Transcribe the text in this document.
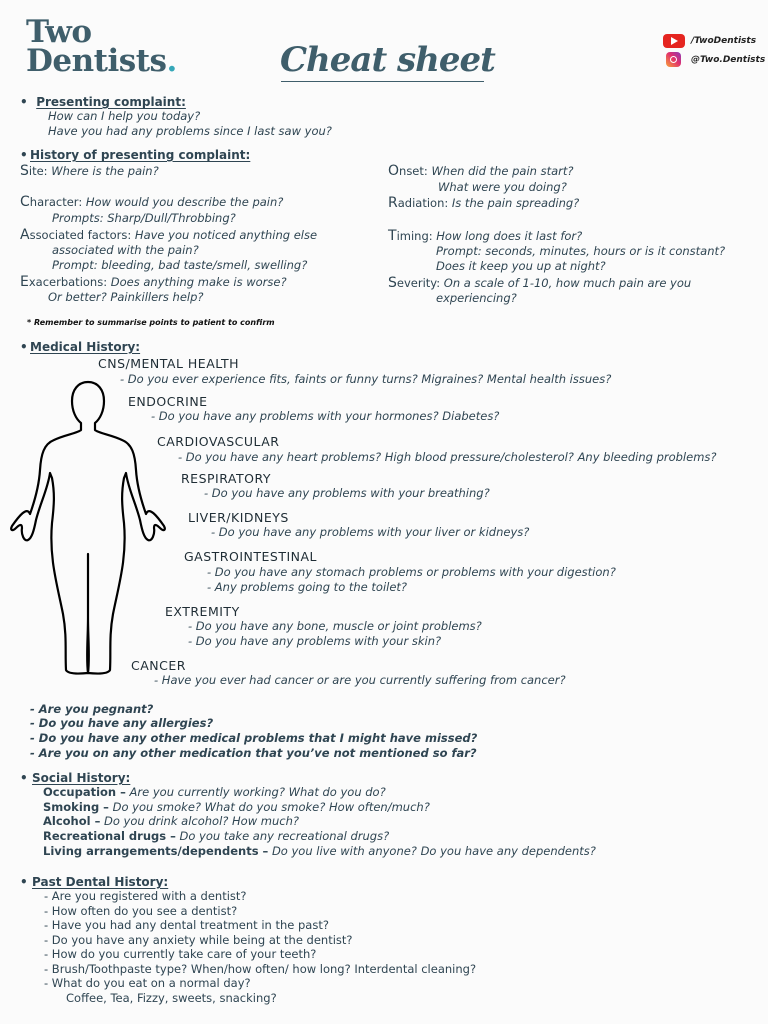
Two
Dentists.	Cheat sheet	/TwoDentists
@Two.Dentists
• Presenting complaint:
How can I help you today?
Have you had any problems since I last saw you?
• History of presenting complaint:
Site: Where is the pain?
Character: How would you describe the pain?
Prompts: Sharp/Dull/Throbbing?
Associated factors: Have you noticed anything else
associated with the pain?
Prompt: bleeding, bad taste/smell, swelling?
Exacerbations: Does anything make is worse?
Or better? Painkillers help?
Onset: When did the pain start?
What were you doing?
Radiation: Is the pain spreading?
Timing: How long does it last for?
Prompt: seconds, minutes, hours or is it constant?
Does it keep you up at night?
Severity: On a scale of 1-10, how much pain are you
experiencing?
* Remember to summarise points to patient to confirm
• Medical History:
CNS/MENTAL HEALTH
- Do you ever experience fits, faints or funny turns? Migraines? Mental health issues?
ENDOCRINE
- Do you have any problems with your hormones? Diabetes?
CARDIOVASCULAR
- Do you have any heart problems? High blood pressure/cholesterol? Any bleeding problems?
RESPIRATORY
- Do you have any problems with your breathing?
LIVER/KIDNEYS
- Do you have any problems with your liver or kidneys?
GASTROINTESTINAL
- Do you have any stomach problems or problems with your digestion?
- Any problems going to the toilet?
EXTREMITY
- Do you have any bone, muscle or joint problems?
- Do you have any problems with your skin?
CANCER
- Have you ever had cancer or are you currently suffering from cancer?
- Are you pegnant?
- Do you have any allergies?
- Do you have any other medical problems that I might have missed?
- Are you on any other medication that you’ve not mentioned so far?
• Social History:
Occupation – Are you currently working? What do you do?
Smoking – Do you smoke? What do you smoke? How often/much?
Alcohol – Do you drink alcohol? How much?
Recreational drugs – Do you take any recreational drugs?
Living arrangements/dependents – Do you live with anyone? Do you have any dependents?
• Past Dental History:
- Are you registered with a dentist?
- How often do you see a dentist?
- Have you had any dental treatment in the past?
- Do you have any anxiety while being at the dentist?
- How do you currently take care of your teeth?
- Brush/Toothpaste type? When/how often/ how long? Interdental cleaning?
- What do you eat on a normal day?
Coffee, Tea, Fizzy, sweets, snacking?
